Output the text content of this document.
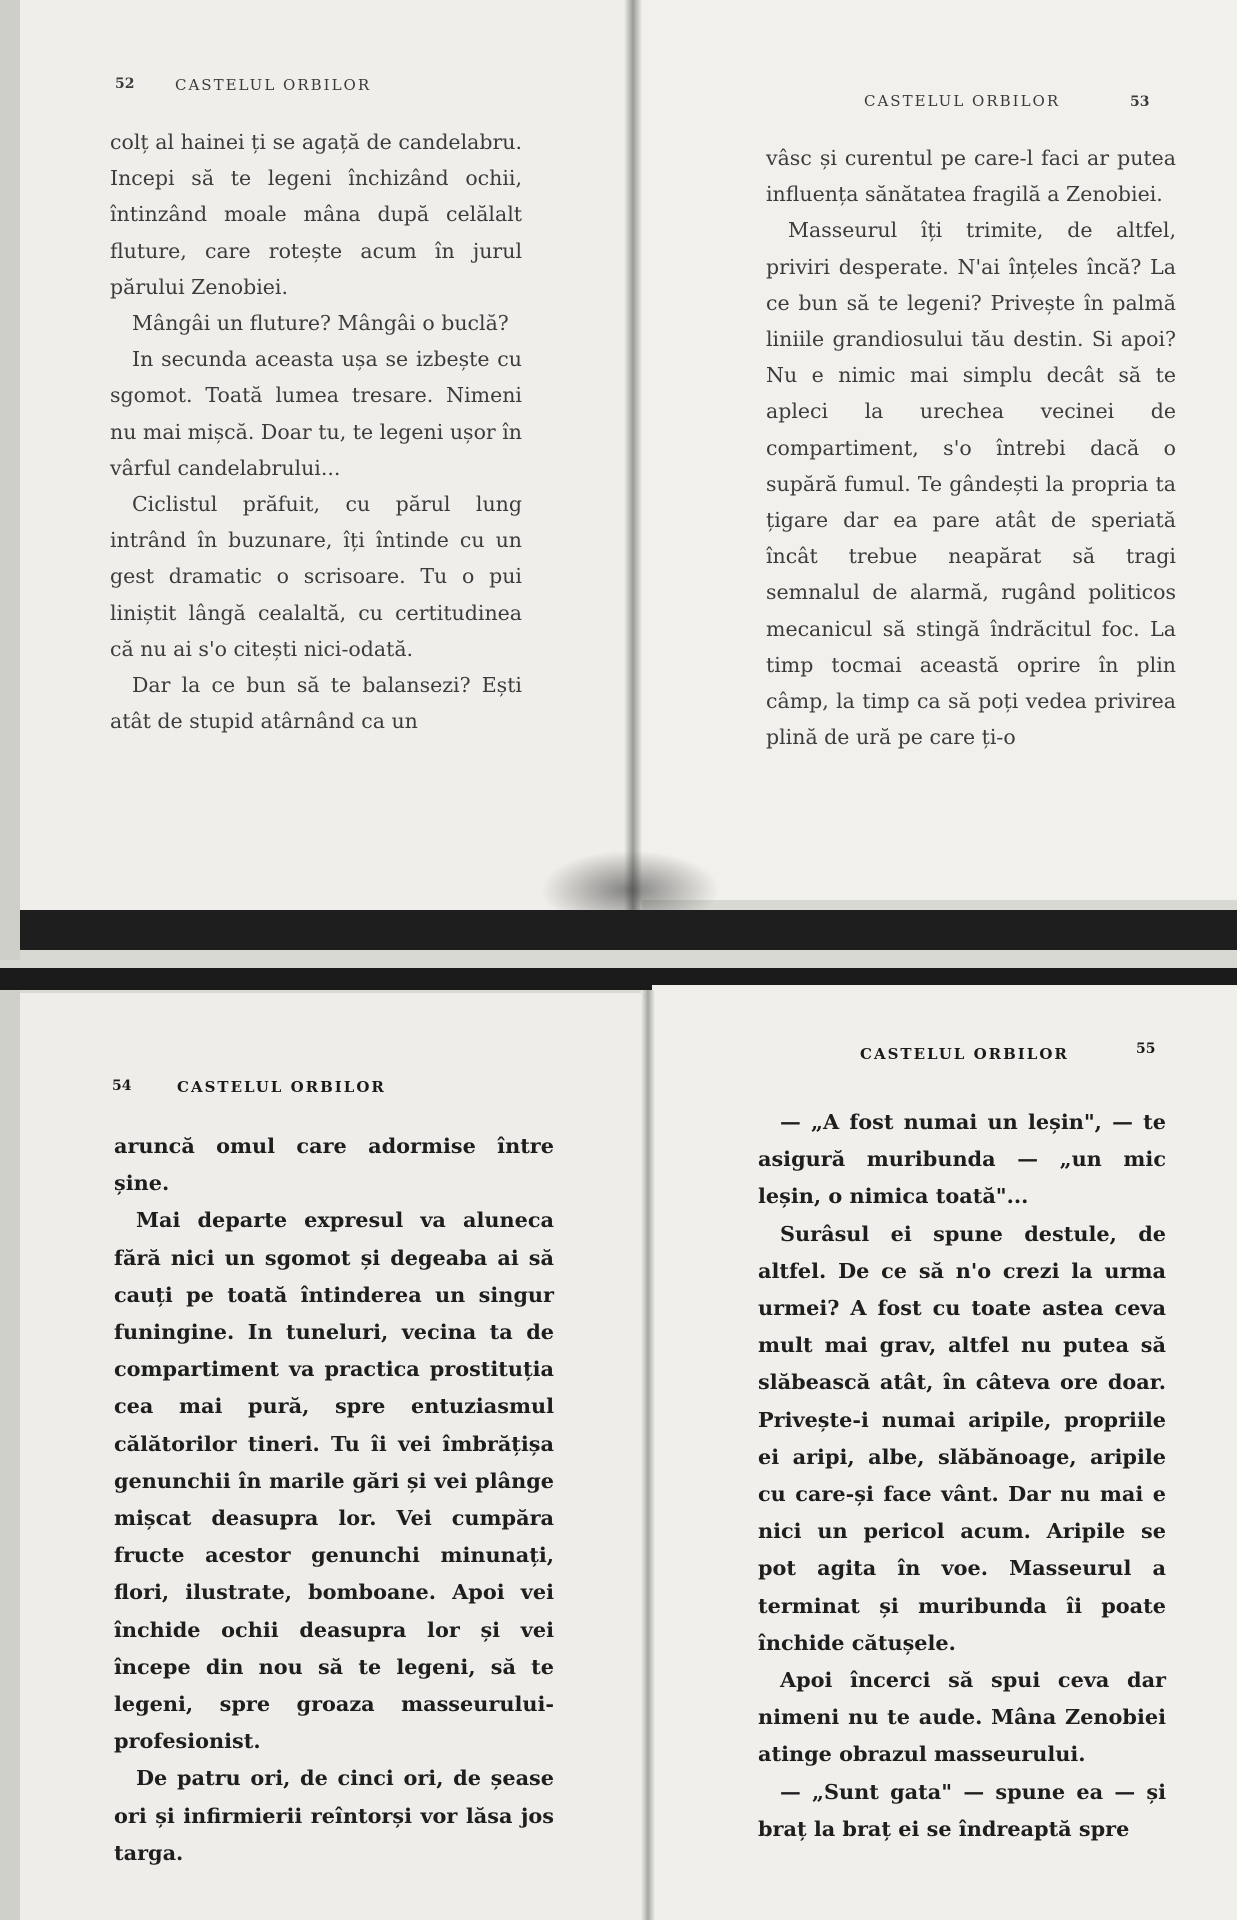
52	CASTELUL ORBILOR

colț al hainei ți se agață de candelabru. Incepi să te legeni închizând ochii, întinzând moale mâna după celălalt fluture, care rotește acum în jurul părului Zenobiei.

Mângâi un fluture? Mângâi o buclă?

In secunda aceasta ușa se izbește cu sgomot. Toată lumea tresare. Nimeni nu mai mișcă. Doar tu, te legeni ușor în vârful candelabrului...

Ciclistul prăfuit, cu părul lung intrând în buzunare, îți întinde cu un gest dramatic o scrisoare. Tu o pui liniștit lângă cealaltă, cu certitudinea că nu ai s'o citești nici-odată.

Dar la ce bun să te balansezi? Ești atât de stupid atârnând ca un

CASTELUL ORBILOR	53

vâsc și curentul pe care-l faci ar putea influența sănătatea fragilă a Zenobiei.

Masseurul îți trimite, de altfel, priviri desperate. N'ai înțeles încă? La ce bun să te legeni? Privește în palmă liniile grandiosului tău destin. Si apoi? Nu e nimic mai simplu decât să te apleci la urechea vecinei de compartiment, s'o întrebi dacă o supără fumul. Te gândești la propria ta țigare dar ea pare atât de speriată încât trebue neapărat să tragi semnalul de alarmă, rugând politicos mecanicul să stingă îndrăcitul foc. La timp tocmai această oprire în plin câmp, la timp ca să poți vedea privirea plină de ură pe care ți-o

54	CASTELUL ORBILOR

aruncă omul care adormise între șine.

Mai departe expresul va aluneca fără nici un sgomot și degeaba ai să cauți pe toată întinderea un singur funingine. In tuneluri, vecina ta de compartiment va practica prostituția cea mai pură, spre entuziasmul călătorilor tineri. Tu îi vei îmbrățișa genunchii în marile gări și vei plânge mișcat deasupra lor. Vei cumpăra fructe acestor genunchi minunați, flori, ilustrate, bomboane. Apoi vei închide ochii deasupra lor și vei începe din nou să te legeni, să te legeni, spre groaza masseurului-profesionist.

De patru ori, de cinci ori, de șease ori și infirmierii reîntorși vor lăsa jos targa.

CASTELUL ORBILOR	55

— „A fost numai un leșin", — te asigură muribunda — „un mic leșin, o nimica toată"...

Surâsul ei spune destule, de altfel. De ce să n'o crezi la urma urmei? A fost cu toate astea ceva mult mai grav, altfel nu putea să slăbească atât, în câteva ore doar. Privește-i numai aripile, propriile ei aripi, albe, slăbănoage, aripile cu care-și face vânt. Dar nu mai e nici un pericol acum. Aripile se pot agita în voe. Masseurul a terminat și muribunda îi poate închide cătușele.

Apoi încerci să spui ceva dar nimeni nu te aude. Mâna Zenobiei atinge obrazul masseurului.

— „Sunt gata" — spune ea — și braț la braț ei se îndreaptă spre
